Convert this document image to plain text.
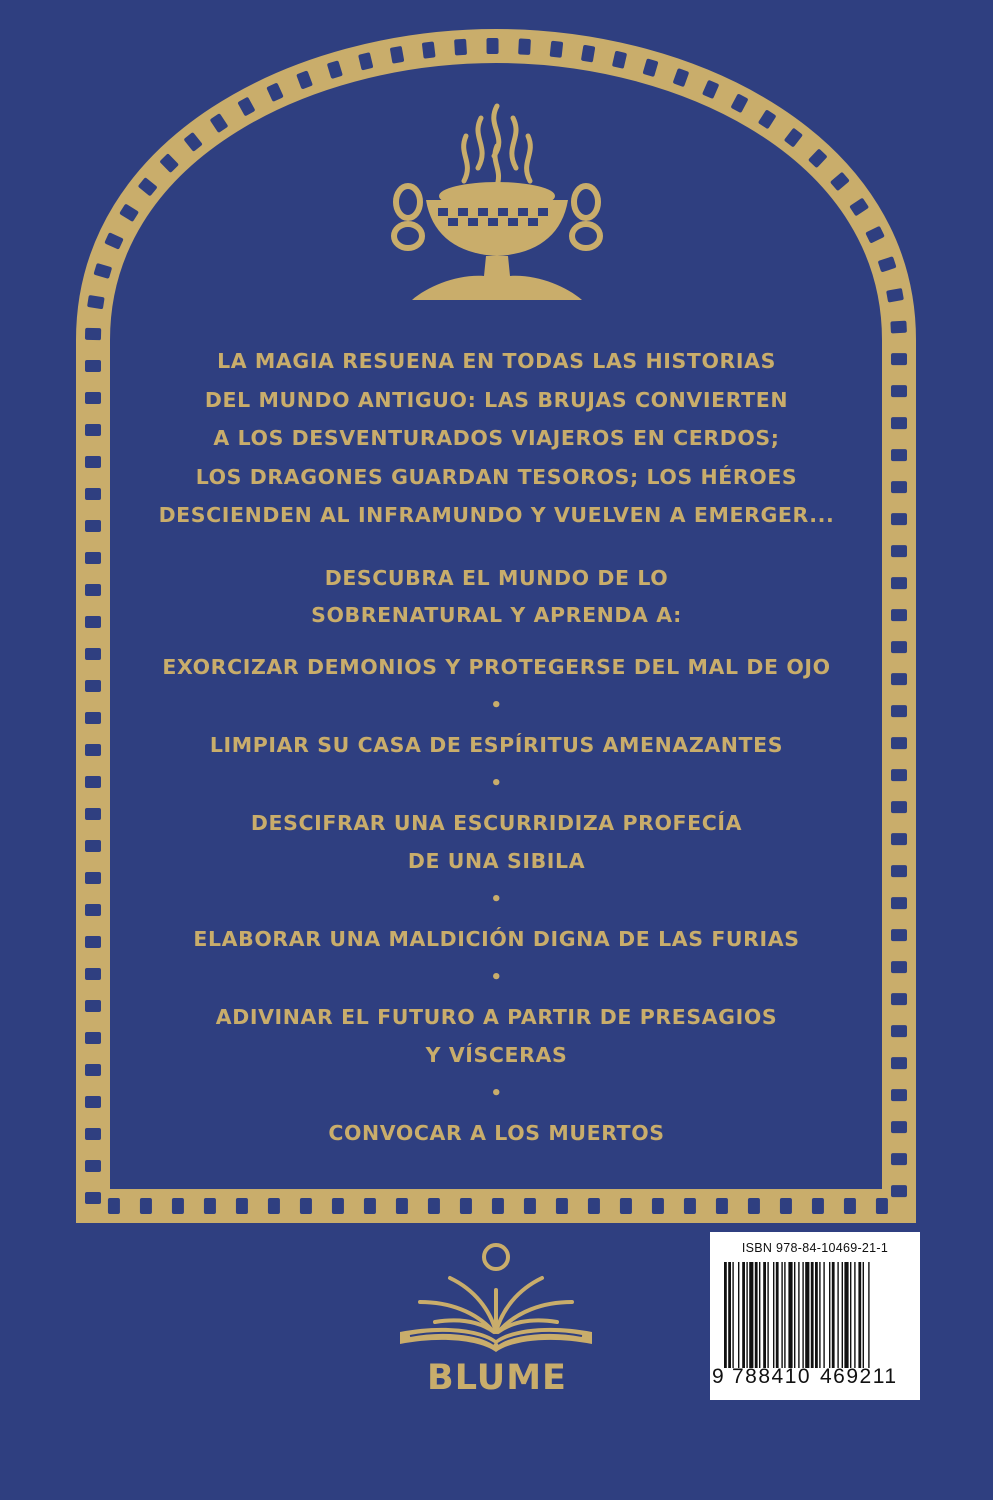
LA MAGIA RESUENA EN TODAS LAS HISTORIAS
DEL MUNDO ANTIGUO: LAS BRUJAS CONVIERTEN
A LOS DESVENTURADOS VIAJEROS EN CERDOS;
LOS DRAGONES GUARDAN TESOROS; LOS HÉROES
DESCIENDEN AL INFRAMUNDO Y VUELVEN A EMERGER...
DESCUBRA EL MUNDO DE LO
SOBRENATURAL Y APRENDA A:
EXORCIZAR DEMONIOS Y PROTEGERSE DEL MAL DE OJO
•
LIMPIAR SU CASA DE ESPÍRITUS AMENAZANTES
•
DESCIFRAR UNA ESCURRIDIZA PROFECÍA
DE UNA SIBILA
•
ELABORAR UNA MALDICIÓN DIGNA DE LAS FURIAS
•
ADIVINAR EL FUTURO A PARTIR DE PRESAGIOS
Y VÍSCERAS
•
CONVOCAR A LOS MUERTOS
BLUME
ISBN 978-84-10469-21-1
9 788410 469211
